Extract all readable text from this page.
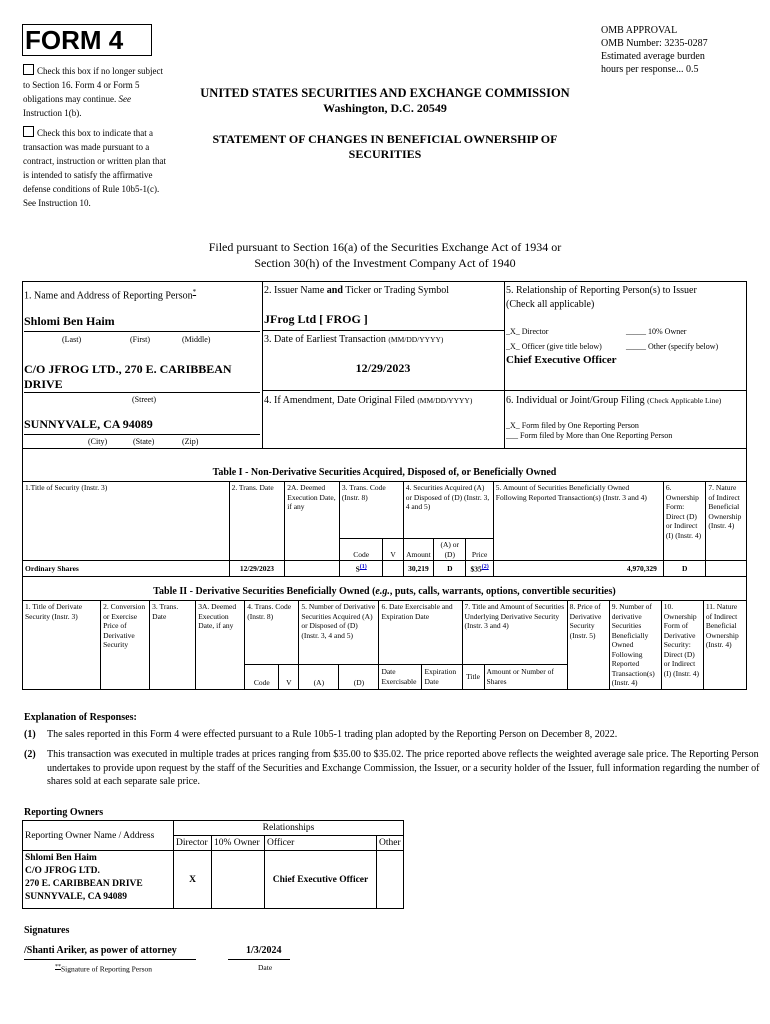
FORM 4	OMB APPROVAL
OMB Number: 3235-0287
Estimated average burden
hours per response... 0.5
Check this box if no longer subject to Section 16. Form 4 or Form 5 obligations may continue. See Instruction 1(b).
Check this box to indicate that a transaction was made pursuant to a contract, instruction or written plan that is intended to satisfy the affirmative defense conditions of Rule 10b5-1(c). See Instruction 10.
UNITED STATES SECURITIES AND EXCHANGE COMMISSION
Washington, D.C. 20549
STATEMENT OF CHANGES IN BENEFICIAL OWNERSHIP OF
SECURITIES
Filed pursuant to Section 16(a) of the Securities Exchange Act of 1934 or
Section 30(h) of the Investment Company Act of 1940
1. Name and Address of Reporting Person*
Shlomi Ben Haim
(Last)	(First)	(Middle)
C/O JFROG LTD., 270 E. CARIBBEAN DRIVE
(Street)
SUNNYVALE, CA 94089
(City)	(State)	(Zip)
2. Issuer Name and Ticker or Trading Symbol
JFrog Ltd [ FROG ]
3. Date of Earliest Transaction (MM/DD/YYYY)
12/29/2023
4. If Amendment, Date Original Filed (MM/DD/YYYY)
5. Relationship of Reporting Person(s) to Issuer
(Check all applicable)
_X_ Director	_____ 10% Owner
_X_ Officer (give title below)	_____ Other (specify below)
Chief Executive Officer
6. Individual or Joint/Group Filing (Check Applicable Line)
_X_ Form filed by One Reporting Person
___ Form filed by More than One Reporting Person
Table I - Non-Derivative Securities Acquired, Disposed of, or Beneficially Owned
1.Title of Security (Instr. 3)	2. Trans. Date	2A. Deemed Execution Date, if any	3. Trans. Code (Instr. 8)		4. Securities Acquired (A) or Disposed of (D) (Instr. 3, 4 and 5)			5. Amount of Securities Beneficially Owned Following Reported Transaction(s) (Instr. 3 and 4)	6. Ownership Form: Direct (D) or Indirect (I) (Instr. 4)	7. Nature of Indirect Beneficial Ownership (Instr. 4)
			Code	V	Amount	(A) or (D)	Price			
Ordinary Shares	12/29/2023		$S^{(1)}$		30,219	D	$35$^{(2)}$	4,970,329	D	
Table II - Derivative Securities Beneficially Owned (e.g., puts, calls, warrants, options, convertible securities)
1. Title of Derivate Security (Instr. 3)	2. Conversion or Exercise Price of Derivative Security	3. Trans. Date	3A. Deemed Execution Date, if any	4. Trans. Code (Instr. 8)		5. Number of Derivative Securities Acquired (A) or Disposed of (D) (Instr. 3, 4 and 5)		6. Date Exercisable and Expiration Date		7. Title and Amount of Securities Underlying Derivative Security (Instr. 3 and 4)		8. Price of Derivative Security (Instr. 5)	9. Number of derivative Securities Beneficially Owned Following Reported Transaction(s) (Instr. 4)	10. Ownership Form of Derivative Security: Direct (D) or Indirect (I) (Instr. 4)	11. Nature of Indirect Beneficial Ownership (Instr. 4)
				Code	V	(A)	(D)	Date Exercisable	Expiration Date	Title	Amount or Number of Shares				
Explanation of Responses:
(1) The sales reported in this Form 4 were effected pursuant to a Rule 10b5-1 trading plan adopted by the Reporting Person on December 8, 2022.
(2) This transaction was executed in multiple trades at prices ranging from $35.00 to $35.02. The price reported above reflects the weighted average sale price. The Reporting Person undertakes to provide upon request by the staff of the Securities and Exchange Commission, the Issuer, or a security holder of the Issuer, full information regarding the number of shares sold at each separate sale price.
Reporting Owners
Reporting Owner Name / Address	Relationships			
	Director	10% Owner	Officer	Other

Shlomi Ben Haim
C/O JFROG LTD.
270 E. CARIBBEAN DRIVE
SUNNYVALE, CA 94089	X		Chief Executive Officer	
Signatures
/Shanti Ariker, as power of attorney	1/3/2024
**Signature of Reporting Person	Date
